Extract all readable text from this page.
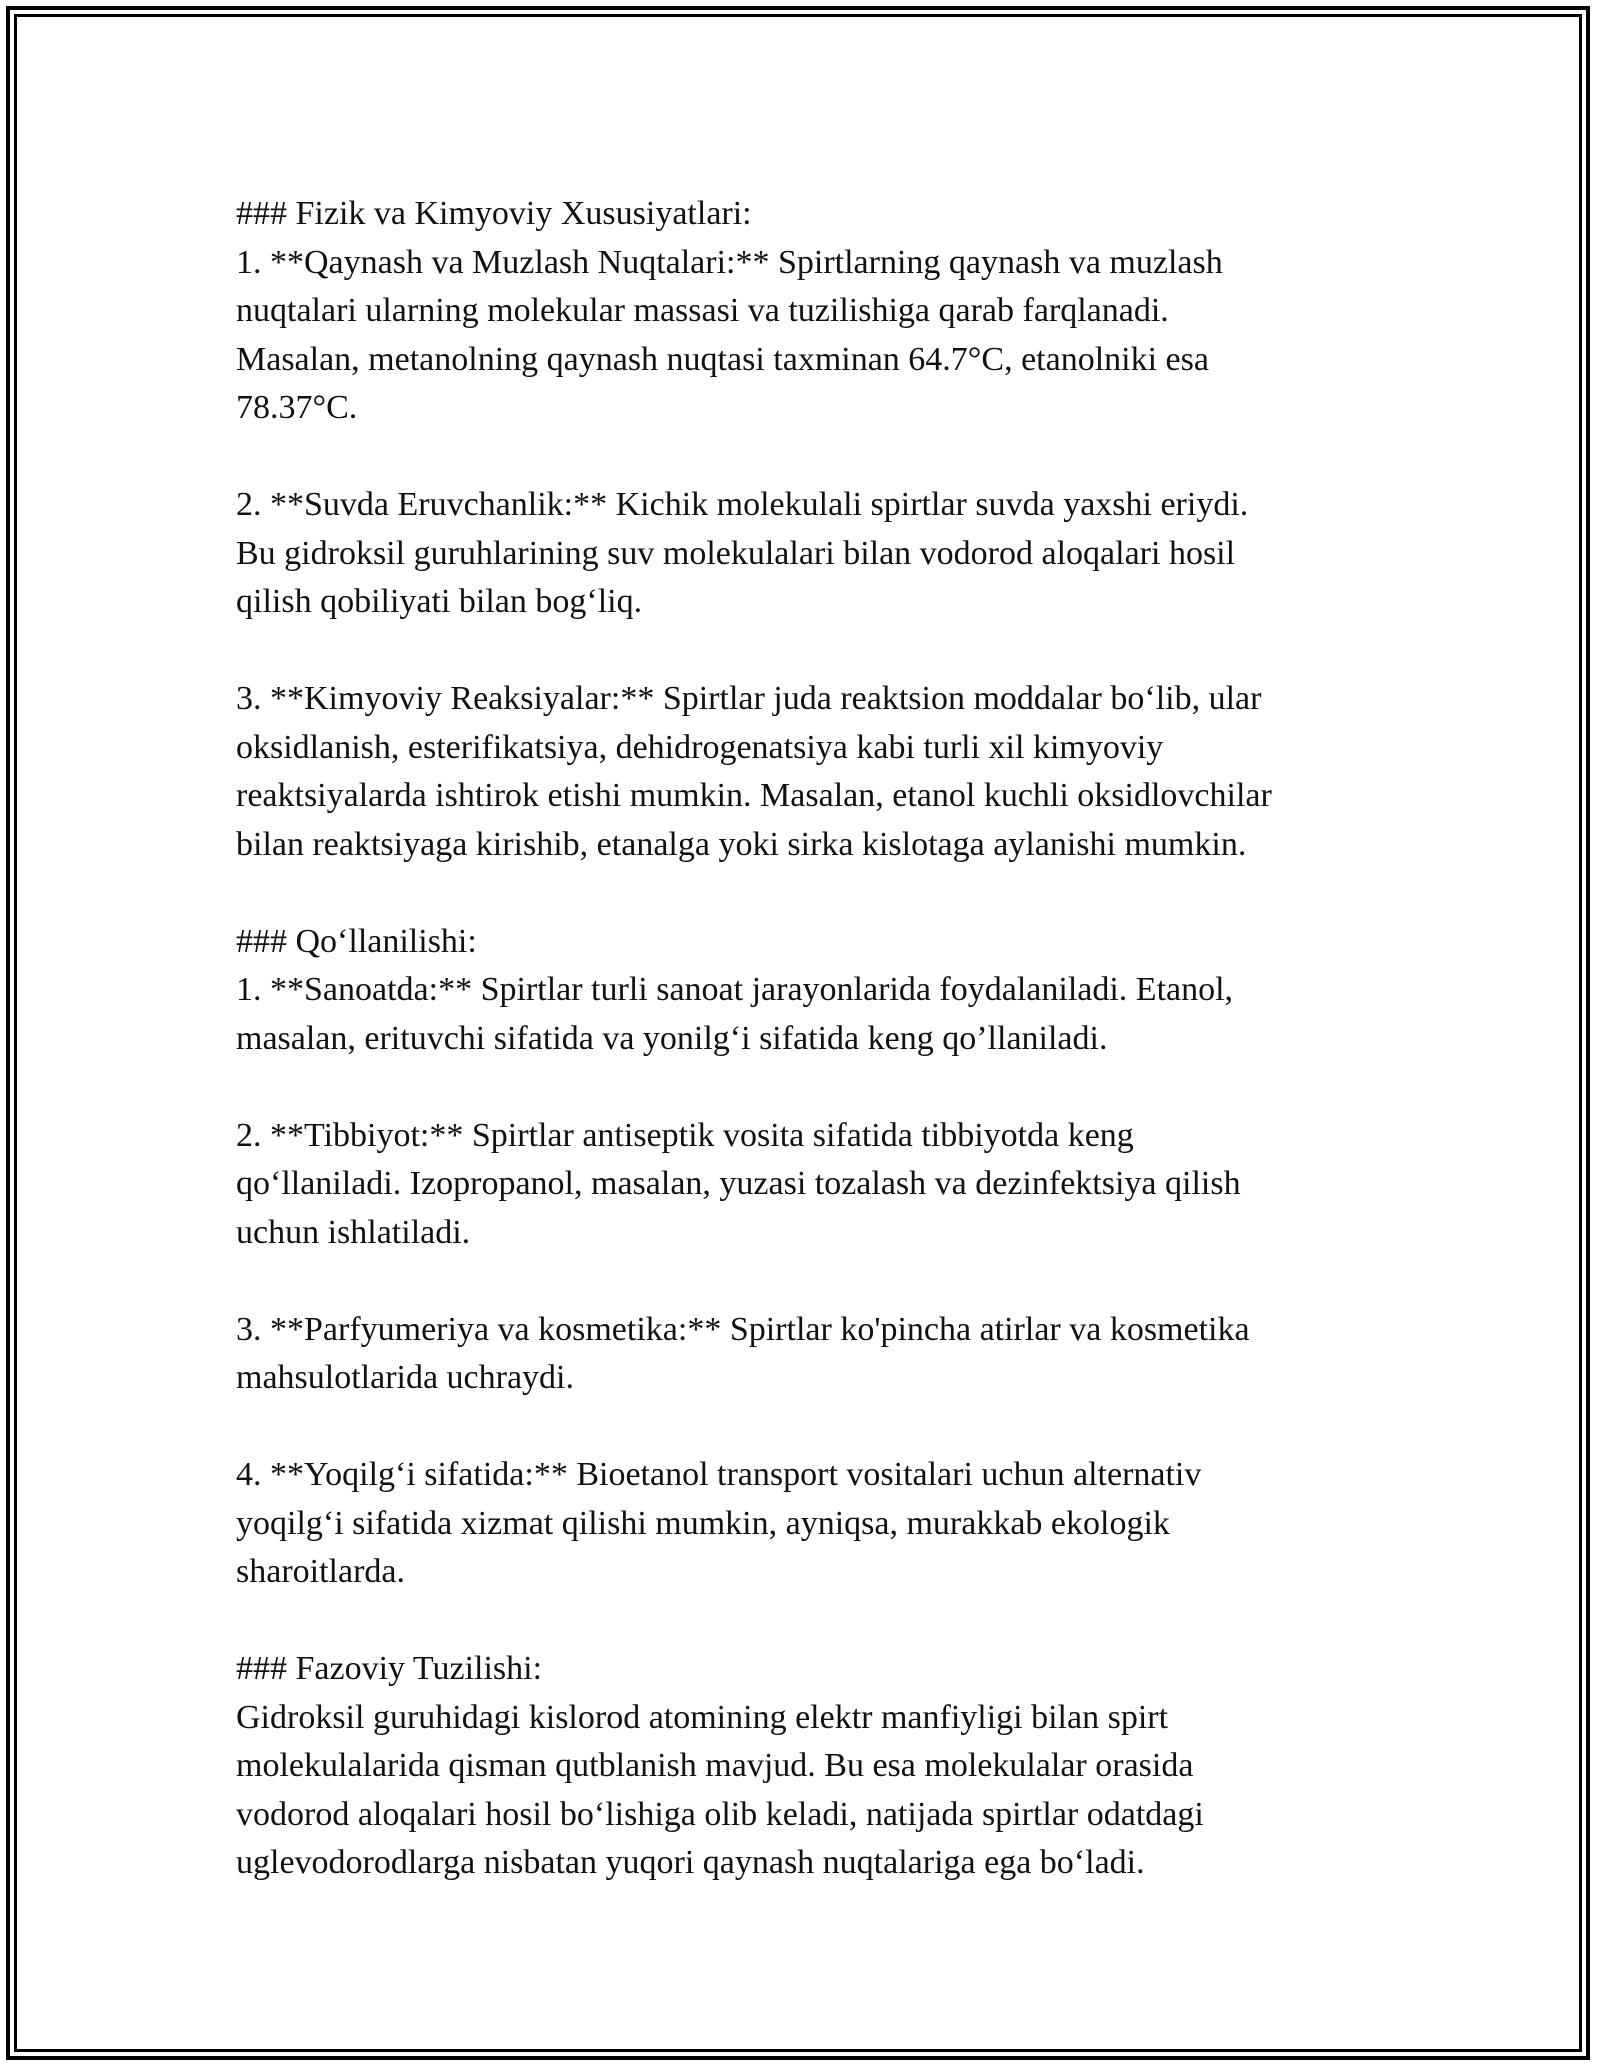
### Fizik va Kimyoviy Xususiyatlari:
1. **Qaynash va Muzlash Nuqtalari:** Spirtlarning qaynash va muzlash
nuqtalari ularning molekular massasi va tuzilishiga qarab farqlanadi.
Masalan, metanolning qaynash nuqtasi taxminan 64.7°C, etanolniki esa
78.37°C.
2. **Suvda Eruvchanlik:** Kichik molekulali spirtlar suvda yaxshi eriydi.
Bu gidroksil guruhlarining suv molekulalari bilan vodorod aloqalari hosil
qilish qobiliyati bilan bog‘liq.
3. **Kimyoviy Reaksiyalar:** Spirtlar juda reaktsion moddalar bo‘lib, ular
oksidlanish, esterifikatsiya, dehidrogenatsiya kabi turli xil kimyoviy
reaktsiyalarda ishtirok etishi mumkin. Masalan, etanol kuchli oksidlovchilar
bilan reaktsiyaga kirishib, etanalga yoki sirka kislotaga aylanishi mumkin.
### Qo‘llanilishi:
1. **Sanoatda:** Spirtlar turli sanoat jarayonlarida foydalaniladi. Etanol,
masalan, erituvchi sifatida va yonilg‘i sifatida keng qo’llaniladi.
2. **Tibbiyot:** Spirtlar antiseptik vosita sifatida tibbiyotda keng
qo‘llaniladi. Izopropanol, masalan, yuzasi tozalash va dezinfektsiya qilish
uchun ishlatiladi.
3. **Parfyumeriya va kosmetika:** Spirtlar ko'pincha atirlar va kosmetika
mahsulotlarida uchraydi.
4. **Yoqilg‘i sifatida:** Bioetanol transport vositalari uchun alternativ
yoqilg‘i sifatida xizmat qilishi mumkin, ayniqsa, murakkab ekologik
sharoitlarda.
### Fazoviy Tuzilishi:
Gidroksil guruhidagi kislorod atomining elektr manfiyligi bilan spirt
molekulalarida qisman qutblanish mavjud. Bu esa molekulalar orasida
vodorod aloqalari hosil bo‘lishiga olib keladi, natijada spirtlar odatdagi
uglevodorodlarga nisbatan yuqori qaynash nuqtalariga ega bo‘ladi.
